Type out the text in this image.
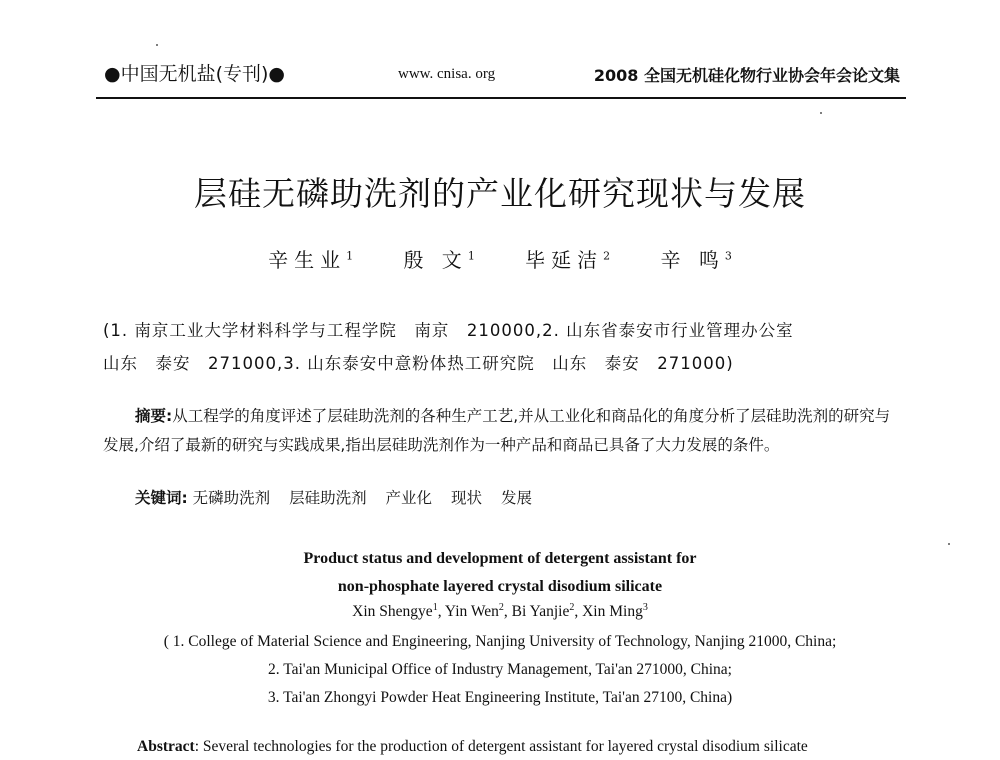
●中国无机盐(专刊)●	www. cnisa. org	2008 全国无机硅化物行业协会年会论文集
层硅无磷助洗剂的产业化研究现状与发展
辛生业$^1$	殷 文$^1$	毕延洁$^2$	辛 鸣$^3$
(1. 南京工业大学材料科学与工程学院　南京　210000,2. 山东省泰安市行业管理办公室
山东　泰安　271000,3. 山东泰安中意粉体热工研究院　山东　泰安　271000)
摘要:从工程学的角度评述了层硅助洗剂的各种生产工艺,并从工业化和商品化的角度分析了层硅助洗剂的研究与发展,介绍了最新的研究与实践成果,指出层硅助洗剂作为一种产品和商品已具备了大力发展的条件。
关键词: 无磷助洗剂 层硅助洗剂 产业化 现状 发展
Product status and development of detergent assistant for
non-phosphate layered crystal disodium silicate
Xin Shengye$^1$, Yin Wen$^2$, Bi Yanjie$^2$, Xin Ming$^3$
( 1. College of Material Science and Engineering, Nanjing University of Technology, Nanjing 21000, China;
2. Tai'an Municipal Office of Industry Management, Tai'an 271000, China;
3. Tai'an Zhongyi Powder Heat Engineering Institute, Tai'an 27100, China)
Abstract: Several technologies for the production of detergent assistant for layered crystal disodium silicate
